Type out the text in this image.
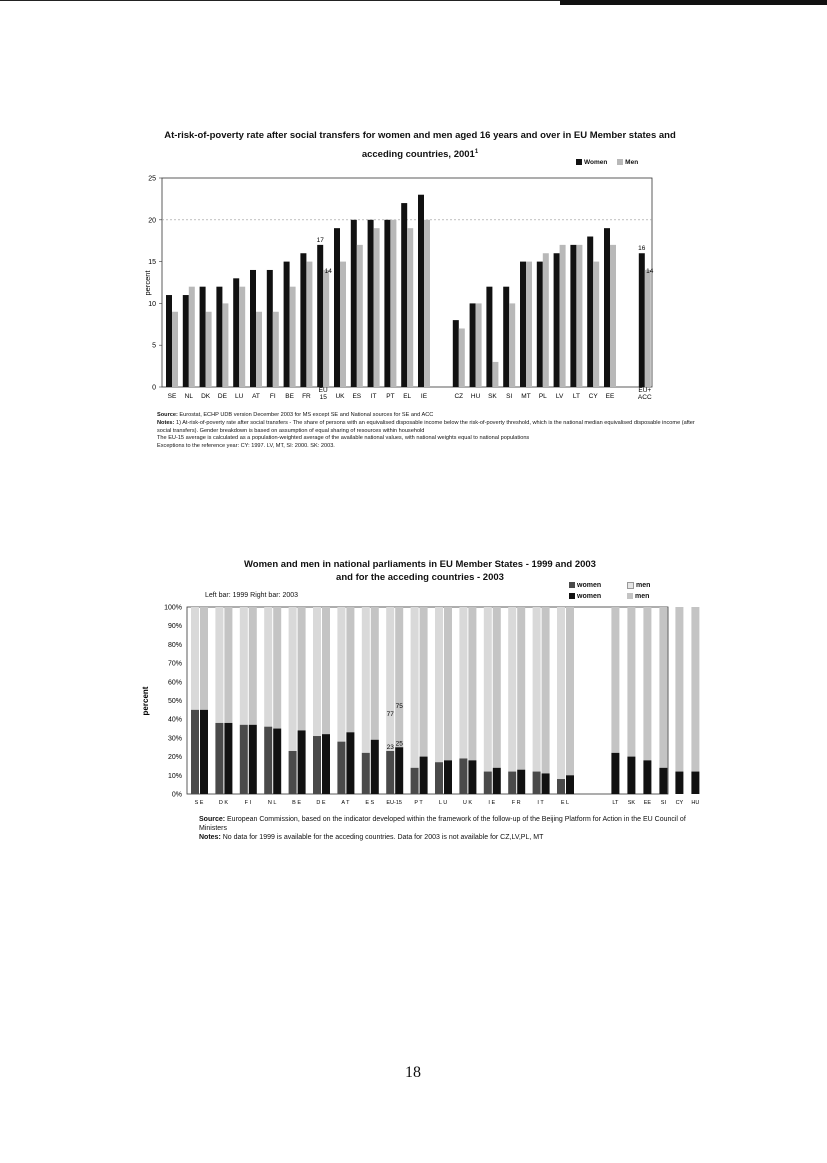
At-risk-of-poverty rate after social transfers for women and men aged 16 years and over in EU Member states and acceding countries, 2001$^1$
Women	Men
0
5
10
15
20
25
percent
SE NL DK DE LU AT FI BE FR
17
14
EU
15 UK ES IT PT EL IE	CZ HU SK SI MT PL LV LT CY EE
16
14
EU+
ACC
Source: Eurostat, ECHP UDB version December 2003 for MS except SE and National sources for SE and ACC
Notes: 1) At-risk-of-poverty rate after social transfers - The share of persons with an equivalised disposable income below the risk-of-poverty threshold, which is the national median equivalised disposable income (after social transfers). Gender breakdown is based on assumption of equal sharing of resources within household
The EU-15 average is calculated as a population-weighted average of the available national values, with national weights equal to national populations
Exceptions to the reference year: CY: 1997. LV, MT, SI: 2000. SK: 2003.
Women and men in national parliaments in EU Member States - 1999 and 2003
and for the acceding countries - 2003
women	men
women	men
Left bar: 1999 Right bar: 2003
0%
10%
20%
30%
40%
50%
60%
70%
80%
90%
100%
percent
S E	D K	F I	N L	B E	D E	A T	E S
23
25
77
75
EU-15 P T	L U	U K	I E	F R	I T	E L	LT SK EE SI CY HU
Source: European Commission, based on the indicator developed within the framework of the follow-up of the Beijing Platform for Action in the EU Council of Ministers
Notes: No data for 1999 is available for the acceding countries. Data for 2003 is not available for CZ,LV,PL, MT
18
